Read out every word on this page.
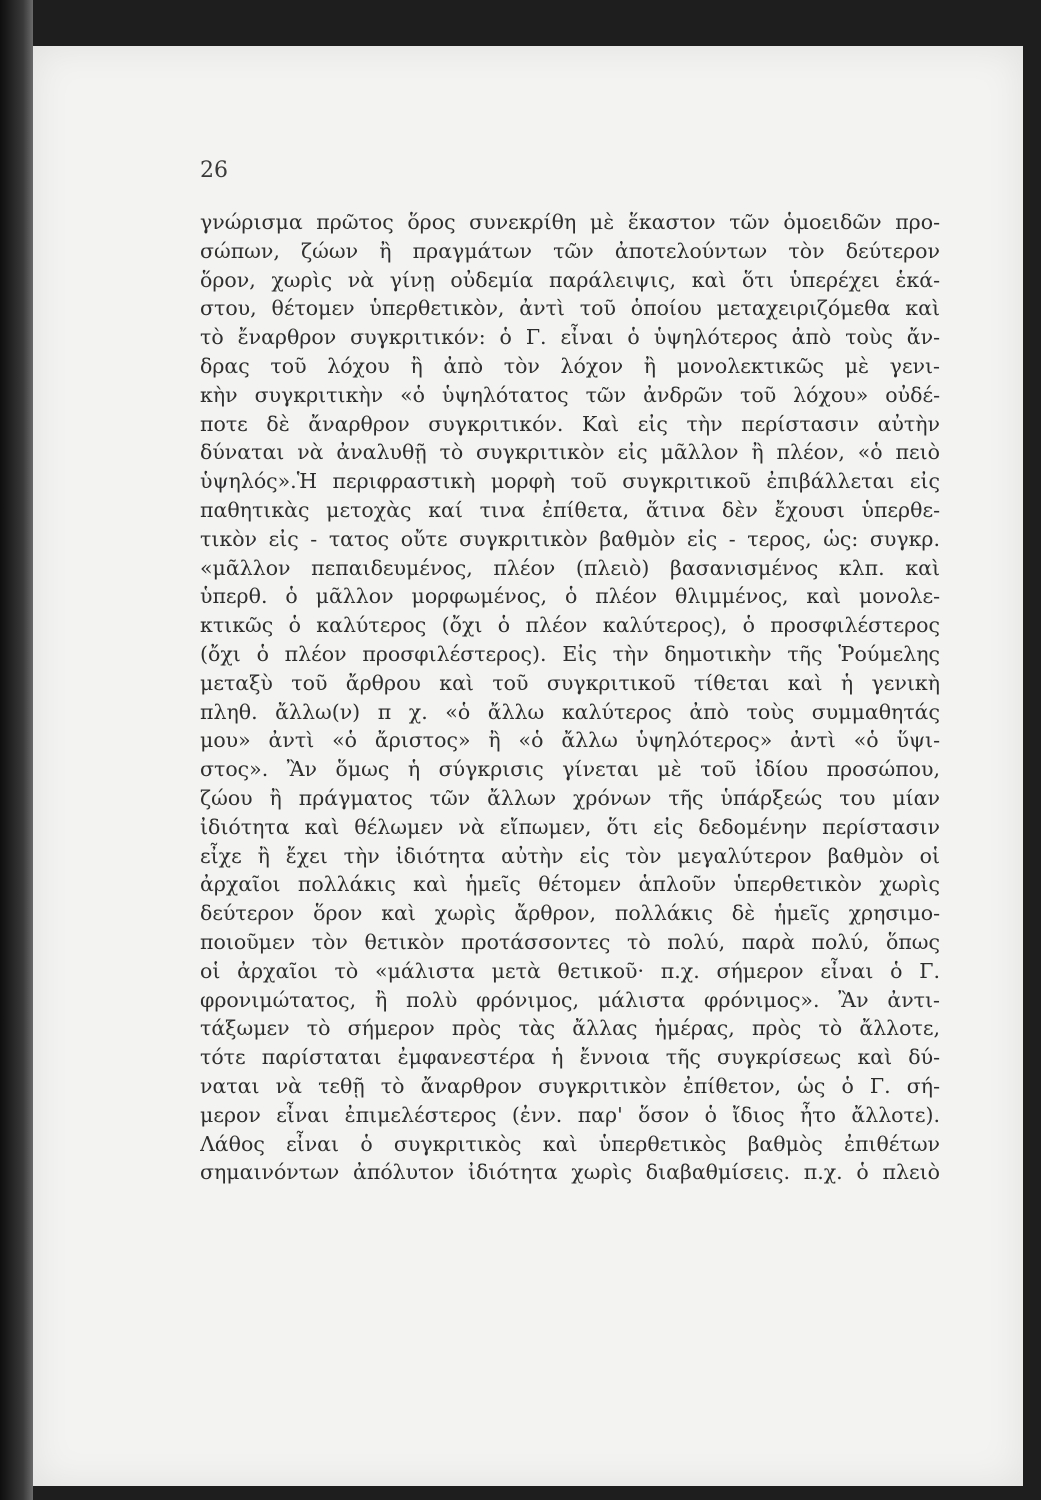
26
γνώρισμα πρῶτος ὅρος συνεκρίθη μὲ ἕκαστον τῶν ὁμοειδῶν προ-
σώπων, ζώων ἢ πραγμάτων τῶν ἀποτελούντων τὸν δεύτερον
ὅρον, χωρὶς νὰ γίνῃ οὐδεμία παράλειψις, καὶ ὅτι ὑπερέχει ἑκά-
στου, θέτομεν ὑπερθετικὸν, ἀντὶ τοῦ ὁποίου μεταχειριζόμεθα καὶ
τὸ ἔναρθρον συγκριτικόν: ὁ Γ. εἶναι ὁ ὑψηλότερος ἀπὸ τοὺς ἄν-
δρας τοῦ λόχου ἢ ἀπὸ τὸν λόχον ἢ μονολεκτικῶς μὲ γενι-
κὴν συγκριτικὴν «ὁ ὑψηλότατος τῶν ἀνδρῶν τοῦ λόχου» οὐδέ-
ποτε δὲ ἄναρθρον συγκριτικόν. Καὶ εἰς τὴν περίστασιν αὐτὴν
δύναται νὰ ἀναλυθῇ τὸ συγκριτικὸν εἰς μᾶλλον ἢ πλέον, «ὁ πειὸ
ὑψηλός».Ἡ περιφραστικὴ μορφὴ τοῦ συγκριτικοῦ ἐπιβάλλεται εἰς
παθητικὰς μετοχὰς καί τινα ἐπίθετα, ἅτινα δὲν ἔχουσι ὑπερθε-
τικὸν εἰς - τατος οὔτε συγκριτικὸν βαθμὸν εἰς - τερος, ὡς: συγκρ.
«μᾶλλον πεπαιδευμένος, πλέον (πλειὸ) βασανισμένος κλπ. καὶ
ὑπερθ. ὁ μᾶλλον μορφωμένος, ὁ πλέον θλιμμένος, καὶ μονολε-
κτικῶς ὁ καλύτερος (ὄχι ὁ πλέον καλύτερος), ὁ προσφιλέστερος
(ὄχι ὁ πλέον προσφιλέστερος). Εἰς τὴν δημοτικὴν τῆς Ῥούμελης
μεταξὺ τοῦ ἄρθρου καὶ τοῦ συγκριτικοῦ τίθεται καὶ ἡ γενικὴ
πληθ. ἄλλω(ν) π χ. «ὁ ἄλλω καλύτερος ἀπὸ τοὺς συμμαθητάς
μου» ἀντὶ «ὁ ἄριστος» ἢ «ὁ ἄλλω ὑψηλότερος» ἀντὶ «ὁ ὕψι-
στος». Ἂν ὅμως ἡ σύγκρισις γίνεται μὲ τοῦ ἰδίου προσώπου,
ζώου ἢ πράγματος τῶν ἄλλων χρόνων τῆς ὑπάρξεώς του μίαν
ἰδιότητα καὶ θέλωμεν νὰ εἴπωμεν, ὅτι εἰς δεδομένην περίστασιν
εἶχε ἢ ἔχει τὴν ἰδιότητα αὐτὴν εἰς τὸν μεγαλύτερον βαθμὸν οἱ
ἀρχαῖοι πολλάκις καὶ ἡμεῖς θέτομεν ἁπλοῦν ὑπερθετικὸν χωρὶς
δεύτερον ὅρον καὶ χωρὶς ἄρθρον, πολλάκις δὲ ἡμεῖς χρησιμο-
ποιοῦμεν τὸν θετικὸν προτάσσοντες τὸ πολύ, παρὰ πολύ, ὅπως
οἱ ἀρχαῖοι τὸ «μάλιστα μετὰ θετικοῦ· π.χ. σήμερον εἶναι ὁ Γ.
φρονιμώτατος, ἢ πολὺ φρόνιμος, μάλιστα φρόνιμος». Ἂν ἀντι-
τάξωμεν τὸ σήμερον πρὸς τὰς ἄλλας ἡμέρας, πρὸς τὸ ἄλλοτε,
τότε παρίσταται ἐμφανεστέρα ἡ ἔννοια τῆς συγκρίσεως καὶ δύ-
ναται νὰ τεθῇ τὸ ἄναρθρον συγκριτικὸν ἐπίθετον, ὡς ὁ Γ. σή-
μερον εἶναι ἐπιμελέστερος (ἐνν. παρ' ὅσον ὁ ἴδιος ἦτο ἄλλοτε).
Λάθος εἶναι ὁ συγκριτικὸς καὶ ὑπερθετικὸς βαθμὸς ἐπιθέτων
σημαινόντων ἀπόλυτον ἰδιότητα χωρὶς διαβαθμίσεις. π.χ. ὁ πλειὸ
